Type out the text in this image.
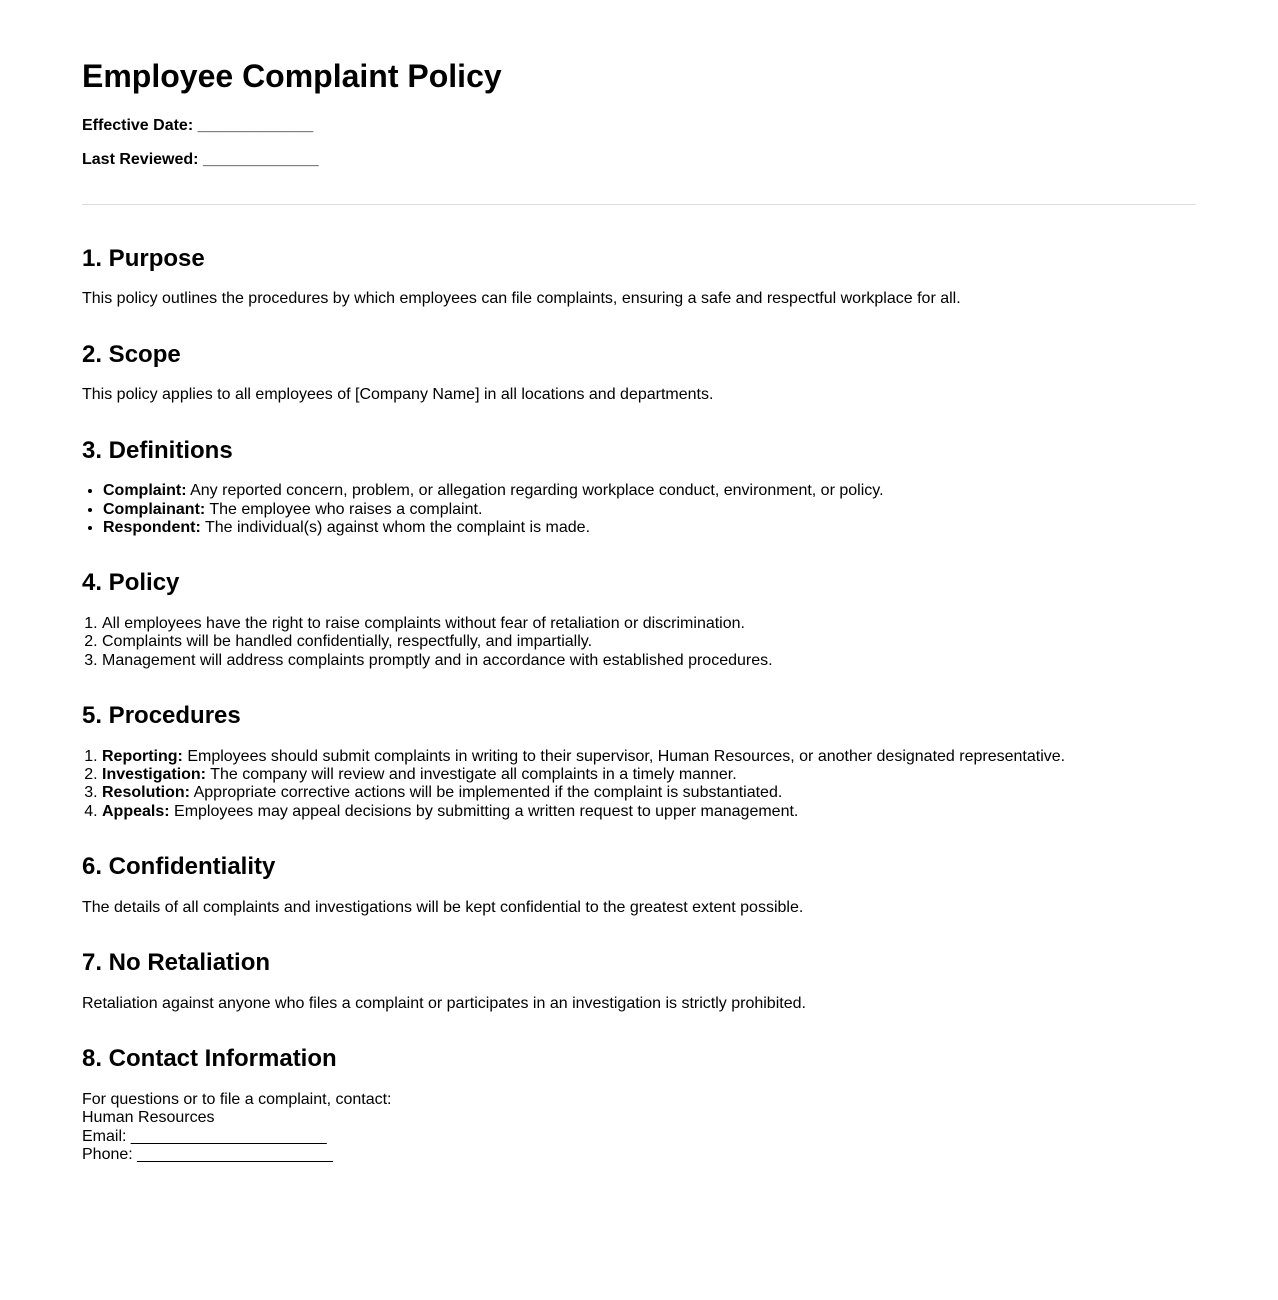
Employee Complaint Policy

Effective Date: _____________

Last Reviewed: _____________

1. Purpose

This policy outlines the procedures by which employees can file complaints, ensuring a safe and respectful workplace for all.

2. Scope

This policy applies to all employees of [Company Name] in all locations and departments.

3. Definitions
• Complaint: Any reported concern, problem, or allegation regarding workplace conduct, environment, or policy.
• Complainant: The employee who raises a complaint.
• Respondent: The individual(s) against whom the complaint is made.
4. Policy
1. All employees have the right to raise complaints without fear of retaliation or discrimination.
2. Complaints will be handled confidentially, respectfully, and impartially.
3. Management will address complaints promptly and in accordance with established procedures.
5. Procedures
1. Reporting: Employees should submit complaints in writing to their supervisor, Human Resources, or another designated representative.
2. Investigation: The company will review and investigate all complaints in a timely manner.
3. Resolution: Appropriate corrective actions will be implemented if the complaint is substantiated.
4. Appeals: Employees may appeal decisions by submitting a written request to upper management.
6. Confidentiality

The details of all complaints and investigations will be kept confidential to the greatest extent possible.

7. No Retaliation

Retaliation against anyone who files a complaint or participates in an investigation is strictly prohibited.

8. Contact Information

For questions or to file a complaint, contact:
Human Resources
Email: ______________________
Phone: ______________________
